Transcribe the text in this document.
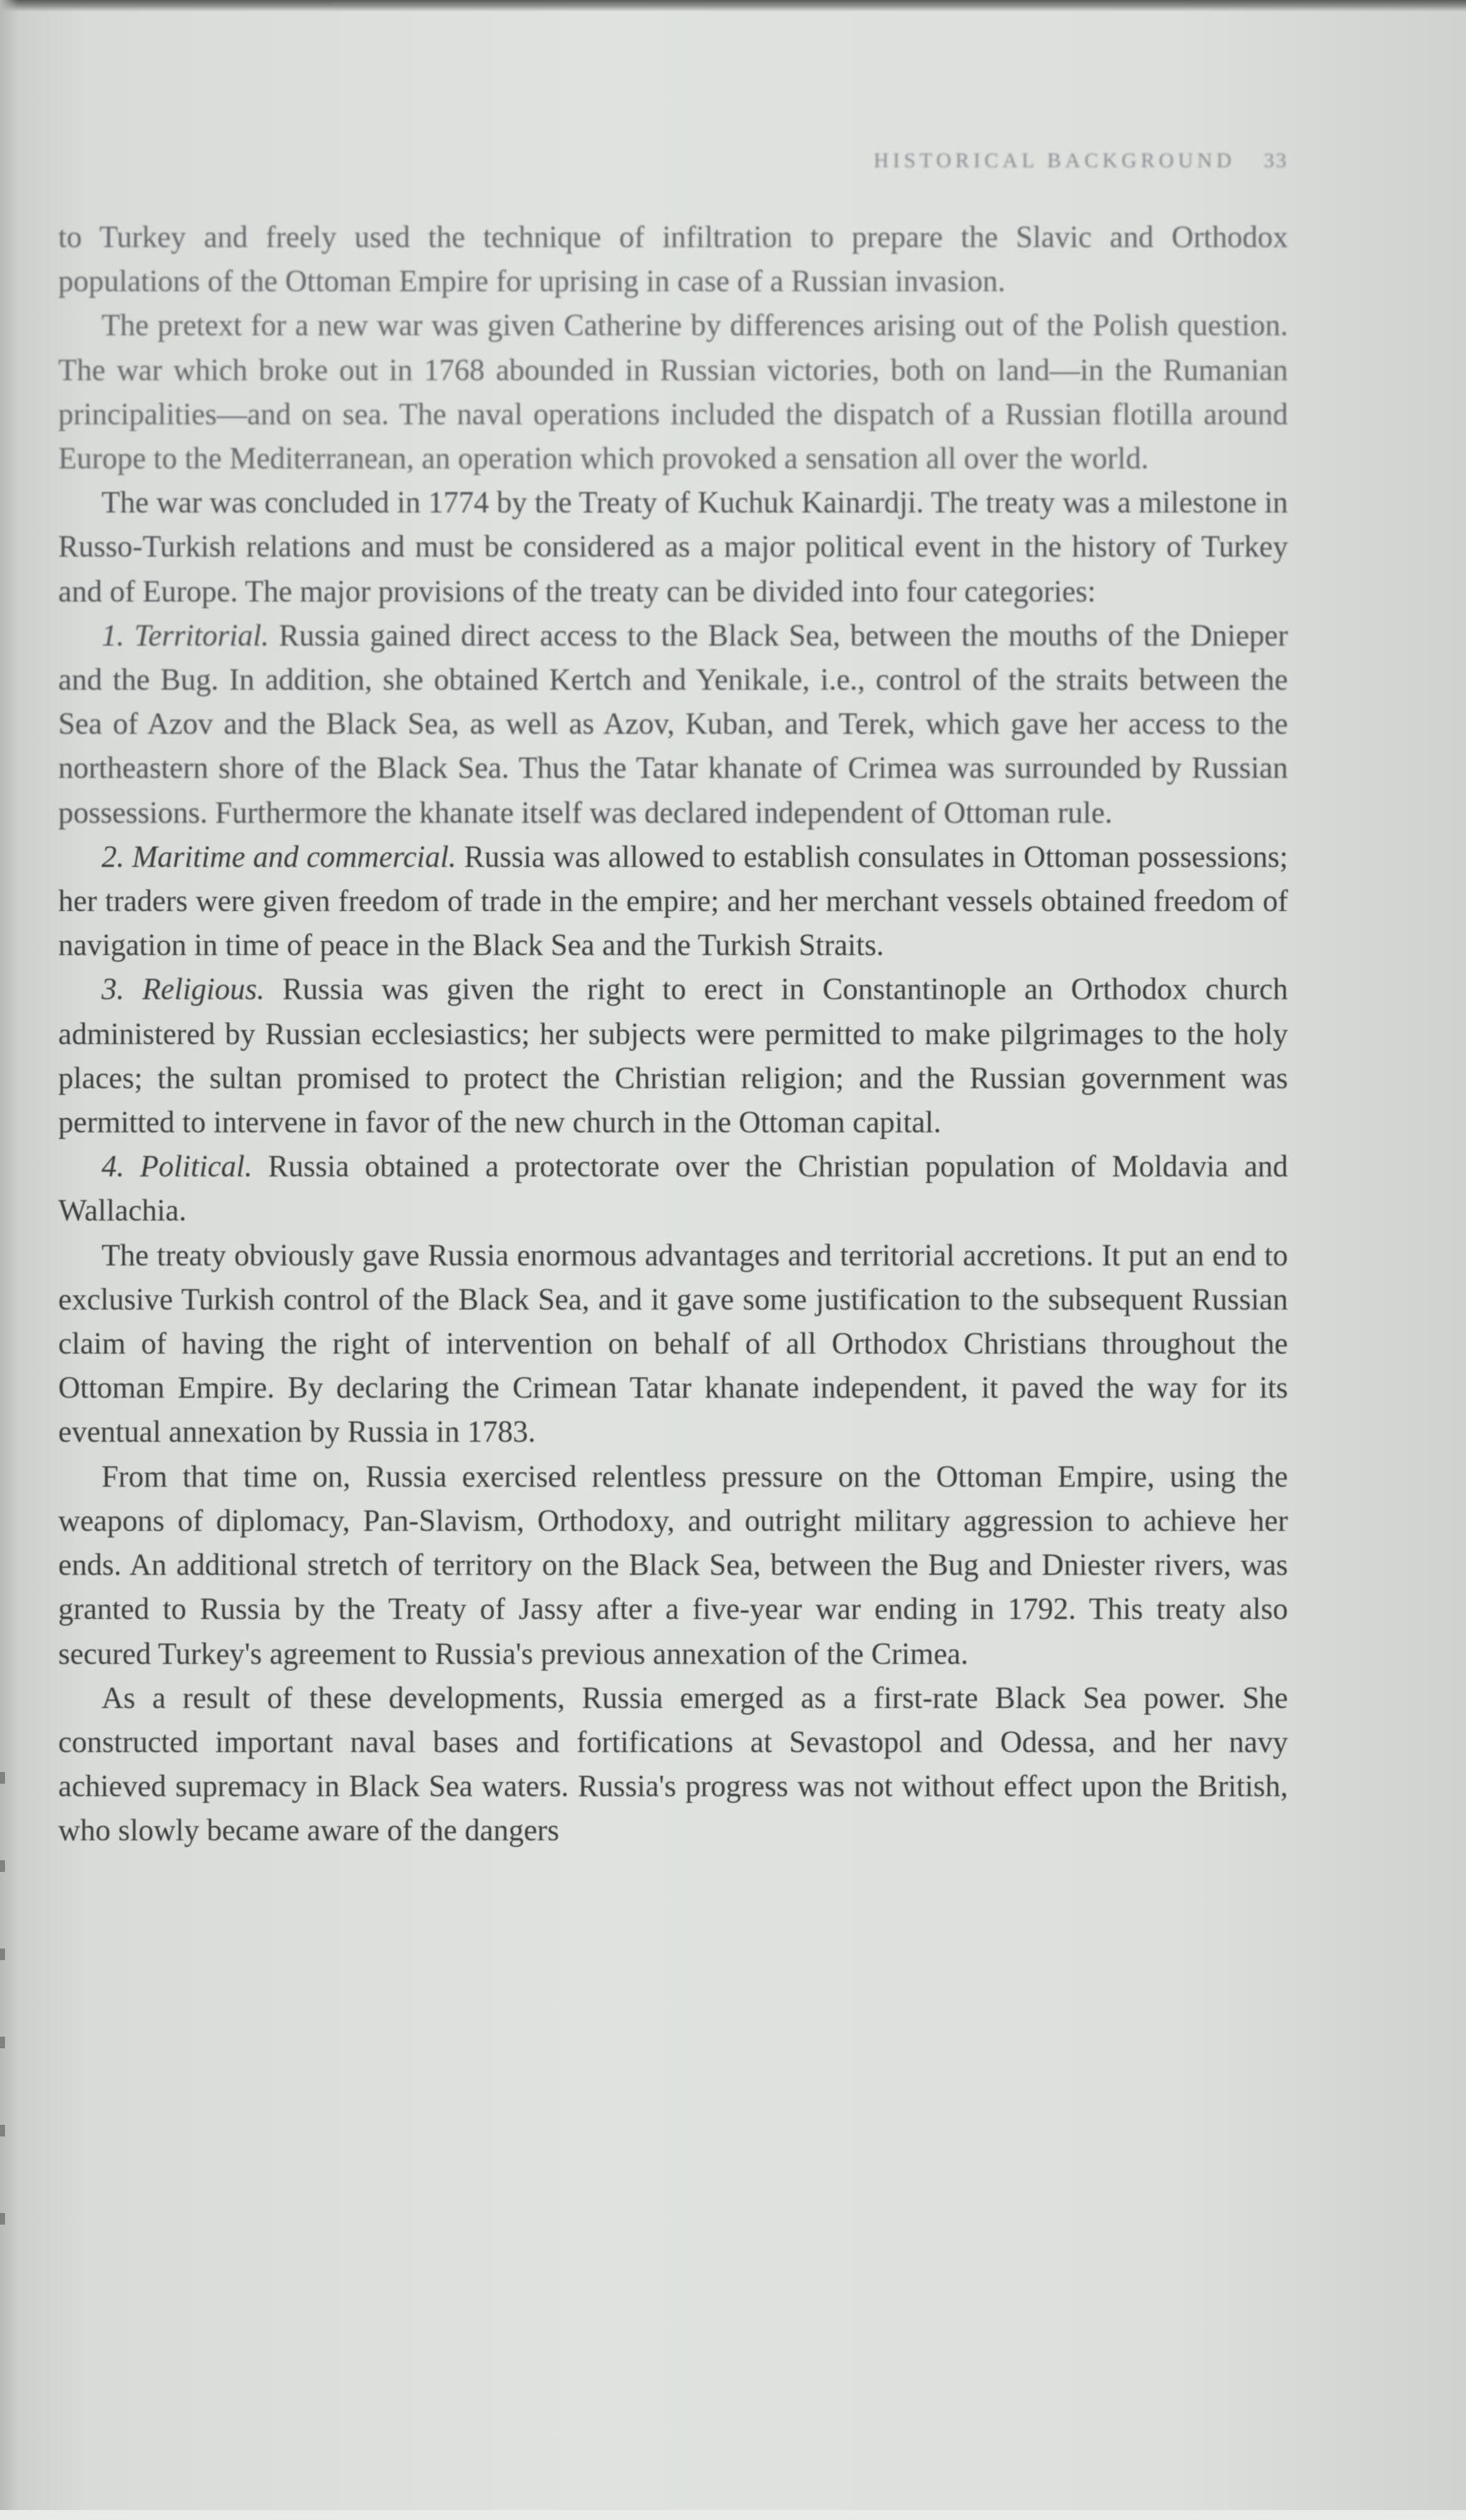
HISTORICAL BACKGROUND 33

to Turkey and freely used the technique of infiltration to prepare the Slavic and Orthodox populations of the Ottoman Empire for uprising in case of a Russian invasion.

The pretext for a new war was given Catherine by differences arising out of the Polish question. The war which broke out in 1768 abounded in Russian victories, both on land—in the Rumanian principalities—and on sea. The naval operations included the dispatch of a Russian flotilla around Europe to the Mediterranean, an operation which provoked a sensation all over the world.

The war was concluded in 1774 by the Treaty of Kuchuk Kainardji. The treaty was a milestone in Russo-Turkish relations and must be considered as a major political event in the history of Turkey and of Europe. The major provisions of the treaty can be divided into four categories:

1. Territorial. Russia gained direct access to the Black Sea, between the mouths of the Dnieper and the Bug. In addition, she obtained Kertch and Yenikale, i.e., control of the straits between the Sea of Azov and the Black Sea, as well as Azov, Kuban, and Terek, which gave her access to the northeastern shore of the Black Sea. Thus the Tatar khanate of Crimea was surrounded by Russian possessions. Furthermore the khanate itself was declared independent of Ottoman rule.

2. Maritime and commercial. Russia was allowed to establish consulates in Ottoman possessions; her traders were given freedom of trade in the empire; and her merchant vessels obtained freedom of navigation in time of peace in the Black Sea and the Turkish Straits.

3. Religious. Russia was given the right to erect in Constantinople an Orthodox church administered by Russian ecclesiastics; her subjects were permitted to make pilgrimages to the holy places; the sultan promised to protect the Christian religion; and the Russian government was permitted to intervene in favor of the new church in the Ottoman capital.

4. Political. Russia obtained a protectorate over the Christian population of Moldavia and Wallachia.

The treaty obviously gave Russia enormous advantages and territorial accretions. It put an end to exclusive Turkish control of the Black Sea, and it gave some justification to the subsequent Russian claim of having the right of intervention on behalf of all Orthodox Christians throughout the Ottoman Empire. By declaring the Crimean Tatar khanate independent, it paved the way for its eventual annexation by Russia in 1783.

From that time on, Russia exercised relentless pressure on the Ottoman Empire, using the weapons of diplomacy, Pan-Slavism, Orthodoxy, and outright military aggression to achieve her ends. An additional stretch of territory on the Black Sea, between the Bug and Dniester rivers, was granted to Russia by the Treaty of Jassy after a five-year war ending in 1792. This treaty also secured Turkey's agreement to Russia's previous annexation of the Crimea.

As a result of these developments, Russia emerged as a first-rate Black Sea power. She constructed important naval bases and fortifications at Sevastopol and Odessa, and her navy achieved supremacy in Black Sea waters. Russia's progress was not without effect upon the British, who slowly became aware of the dangers
